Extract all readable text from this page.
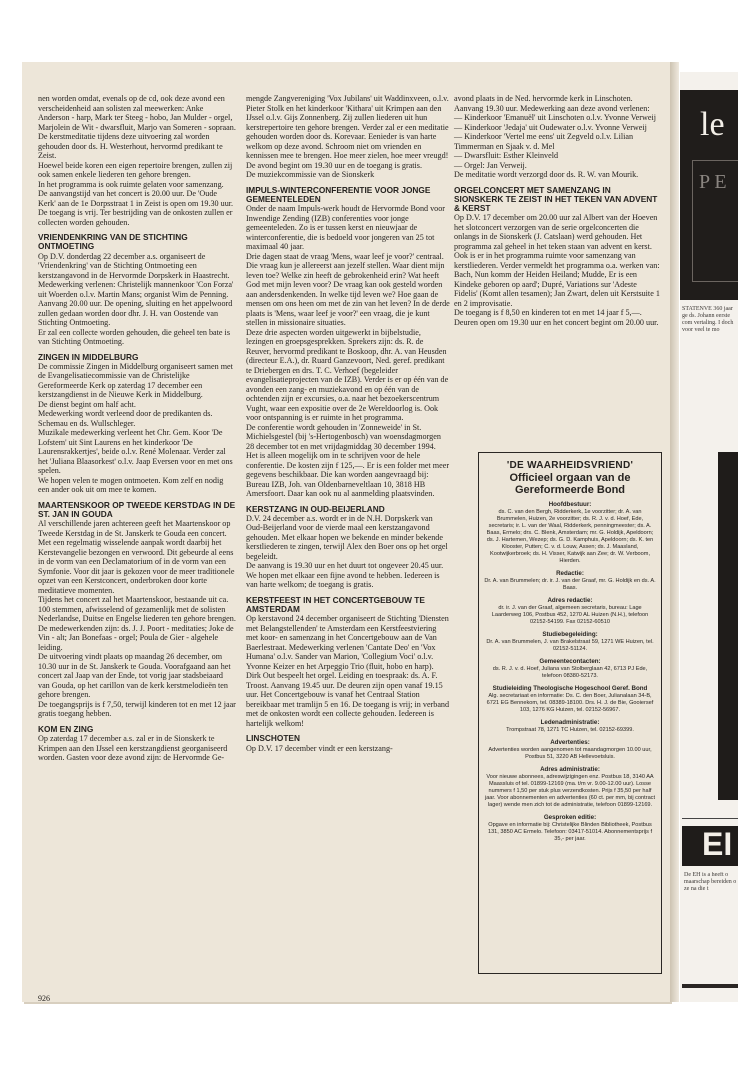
nen worden omdat, evenals op de cd, ook deze avond een verscheidenheid aan solisten zal meewerken: Anke Anderson - harp, Mark ter Steeg - hobo, Jan Mulder - orgel, Marjolein de Wit - dwarsfluit, Marjo van Someren - sopraan.

De kerstmeditatie tijdens deze uitvoering zal worden gehouden door ds. H. Westerhout, hervormd predikant te Zeist.

Hoewel beide koren een eigen repertoire brengen, zullen zij ook samen enkele liederen ten gehore brengen.

In het programma is ook ruimte gelaten voor samenzang.

De aanvangstijd van het concert is 20.00 uur. De 'Oude Kerk' aan de 1e Dorpsstraat 1 in Zeist is open om 19.30 uur. De toegang is vrij. Ter bestrijding van de onkosten zullen er collecten worden gehouden.

VRIENDENKRING VAN DE STICHTING ONTMOETING

Op D.V. donderdag 22 december a.s. organiseert de 'Vriendenkring' van de Stichting Ontmoeting een kerstzangavond in de Hervormde Dorpskerk in Haastrecht.

Medewerking verlenen: Christelijk mannenkoor 'Con Forza' uit Woerden o.l.v. Martin Mans; organist Wim de Penning.

Aanvang 20.00 uur. De opening, sluiting en het appelwoord zullen gedaan worden door dhr. J. H. van Oostende van Stichting Ontmoeting.

Er zal een collecte worden gehouden, die geheel ten bate is van Stichting Ontmoeting.

ZINGEN IN MIDDELBURG

De commissie Zingen in Middelburg organiseert samen met de Evangelisatiecommissie van de Christelijke Gereformeerde Kerk op zaterdag 17 december een kerstzangdienst in de Nieuwe Kerk in Middelburg.

De dienst begint om half acht.

Medewerking wordt verleend door de predikanten ds. Schemau en ds. Wullschleger.

Muzikale medewerking verleent het Chr. Gem. Koor 'De Lofstem' uit Sint Laurens en het kinderkoor 'De Laurensrakkertjes', beide o.l.v. René Molenaar. Verder zal het 'Juliana Blaasorkest' o.l.v. Jaap Eversen voor en met ons spelen.

We hopen velen te mogen ontmoeten. Kom zelf en nodig een ander ook uit om mee te komen.

MAARTENSKOOR OP TWEEDE KERSTDAG IN DE ST. JAN IN GOUDA

Al verschillende jaren achtereen geeft het Maartenskoor op Tweede Kerstdag in de St. Janskerk te Gouda een concert. Met een regelmatig wisselende aanpak wordt daarbij het Kerstevangelie bezongen en verwoord. Dit gebeurde al eens in de vorm van een Declamatorium of in de vorm van een Symfonie. Voor dit jaar is gekozen voor de meer traditionele opzet van een Kerstconcert, onderbroken door korte meditatieve momenten.

Tijdens het concert zal het Maartenskoor, bestaande uit ca. 100 stemmen, afwisselend of gezamenlijk met de solisten Nederlandse, Duitse en Engelse liederen ten gehore brengen.

De medewerkenden zijn: ds. J. J. Poort - meditaties; Joke de Vin - alt; Jan Bonefaas - orgel; Poula de Gier - algehele leiding.

De uitvoering vindt plaats op maandag 26 december, om 10.30 uur in de St. Janskerk te Gouda. Voorafgaand aan het concert zal Jaap van der Ende, tot vorig jaar stadsbeiaard van Gouda, op het carillon van de kerk kerstmelodieën ten gehore brengen.

De toegangsprijs is f 7,50, terwijl kinderen tot en met 12 jaar gratis toegang hebben.

KOM EN ZING

Op zaterdag 17 december a.s. zal er in de Sionskerk te Krimpen aan den IJssel een kerstzangdienst georganiseerd worden. Gasten voor deze avond zijn: de Hervormde Ge-

mengde Zangvereniging 'Vox Jubilans' uit Waddinxveen, o.l.v. Pieter Stolk en het kinderkoor 'Kithara' uit Krimpen aan den IJssel o.l.v. Gijs Zonnenberg. Zij zullen liederen uit hun kerstrepertoire ten gehore brengen. Verder zal er een meditatie gehouden worden door ds. Korevaar. Eenieder is van harte welkom op deze avond. Schroom niet om vrienden en kennissen mee te brengen. Hoe meer zielen, hoe meer vreugd!

De avond begint om 19.30 uur en de toegang is gratis.

De muziekcommissie van de Sionskerk

IMPULS-WINTERCONFERENTIE VOOR JONGE GEMEENTELEDEN

Onder de naam Impuls-werk houdt de Hervormde Bond voor Inwendige Zending (IZB) conferenties voor jonge gemeenteleden. Zo is er tussen kerst en nieuwjaar de winterconferentie, die is bedoeld voor jongeren van 25 tot maximaal 40 jaar.

Drie dagen staat de vraag 'Mens, waar leef je voor?' centraal. Die vraag kun je allereerst aan jezelf stellen. Waar dient mijn leven toe? Welke zin heeft de gebrokenheid erin? Wat heeft God met mijn leven voor? De vraag kan ook gesteld worden aan andersdenkenden. In welke tijd leven we? Hoe gaan de mensen om ons heen om met de zin van het leven? In de derde plaats is 'Mens, waar leef je voor?' een vraag, die je kunt stellen in missionaire situaties.

Deze drie aspecten worden uitgewerkt in bijbelstudie, lezingen en groepsgesprekken. Sprekers zijn: ds. R. de Reuver, hervormd predikant te Boskoop, dhr. A. van Heusden (directeur E.A.), dr. Ruard Ganzevoort, Ned. geref. predikant te Driebergen en drs. T. C. Verhoef (begeleider evangelisatieprojecten van de IZB). Verder is er op één van de avonden een zang- en muziekavond en op één van de ochtenden zijn er excursies, o.a. naar het bezoekerscentrum Vught, waar een expositie over de 2e Wereldoorlog is. Ook voor ontspanning is er ruimte in het programma.

De conferentie wordt gehouden in 'Zonneweide' in St. Michielsgestel (bij 's-Hertogenbosch) van woensdagmorgen 28 december tot en met vrijdagmiddag 30 december 1994.

Het is alleen mogelijk om in te schrijven voor de hele conferentie. De kosten zijn f 125,—. Er is een folder met meer gegevens beschikbaar. Die kan worden aangevraagd bij: Bureau IZB, Joh. van Oldenbarneveltlaan 10, 3818 HB Amersfoort. Daar kan ook nu al aanmelding plaatsvinden.

KERSTZANG IN OUD-BEIJERLAND

D.V. 24 december a.s. wordt er in de N.H. Dorpskerk van Oud-Beijerland voor de vierde maal een kerstzangavond gehouden. Met elkaar hopen we bekende en minder bekende kerstliederen te zingen, terwijl Alex den Boer ons op het orgel begeleidt.

De aanvang is 19.30 uur en het duurt tot ongeveer 20.45 uur. We hopen met elkaar een fijne avond te hebben. Iedereen is van harte welkom; de toegang is gratis.

KERSTFEEST IN HET CONCERTGEBOUW TE AMSTERDAM

Op kerstavond 24 december organiseert de Stichting 'Diensten met Belangstellenden' te Amsterdam een Kerstfeestviering met koor- en samenzang in het Concertgebouw aan de Van Baerlestraat. Medewerking verlenen 'Cantate Deo' en 'Vox Humana' o.l.v. Sander van Marion, 'Collegium Voci' o.l.v. Yvonne Keizer en het Arpeggio Trio (fluit, hobo en harp). Dirk Out bespeelt het orgel. Leiding en toespraak: ds. A. F. Troost. Aanvang 19.45 uur. De deuren zijn open vanaf 19.15 uur. Het Concertgebouw is vanaf het Centraal Station bereikbaar met tramlijn 5 en 16. De toegang is vrij; in verband met de onkosten wordt een collecte gehouden. Iedereen is hartelijk welkom!

LINSCHOTEN

Op D.V. 17 december vindt er een kerstzang-

avond plaats in de Ned. hervormde kerk in Linschoten. Aanvang 19.30 uur. Medewerking aan deze avond verlenen:

— Kinderkoor 'Emanuël' uit Linschoten o.l.v. Yvonne Verweij

— Kinderkoor 'Jedaja' uit Oudewater o.l.v. Yvonne Verweij

— Kinderkoor 'Vertel me eens' uit Zegveld o.l.v. Lilian Timmerman en Sjaak v. d. Mel

— Dwarsfluit: Esther Kleinveld

— Orgel: Jan Verweij.

De meditatie wordt verzorgd door ds. R. W. van Mourik.

ORGELCONCERT MET SAMENZANG IN SIONSKERK TE ZEIST IN HET TEKEN VAN ADVENT & KERST

Op D.V. 17 december om 20.00 uur zal Albert van der Hoeven het slotconcert verzorgen van de serie orgelconcerten die onlangs in de Sionskerk (J. Catslaan) werd gehouden. Het programma zal geheel in het teken staan van advent en kerst. Ook is er in het programma ruimte voor samenzang van kerstliederen. Verder vermeldt het programma o.a. werken van: Bach, Nun komm der Heiden Heiland; Mudde, Er is een Kindeke geboren op aard'; Dupré, Variations sur 'Adeste Fidelis' (Komt allen tesamen); Jan Zwart, delen uit Kerstsuite 1 en 2 improvisatie.

De toegang is f 8,50 en kinderen tot en met 14 jaar f 5,—. Deuren open om 19.30 uur en het concert begint om 20.00 uur.

'DE WAARHEIDSVRIEND'
Officieel orgaan van de Gereformeerde Bond
Hoofdbestuur:
ds. C. van den Bergh, Ridderkerk, 1e voorzitter; dr. A. van Brummelen, Huizen, 2e voorzitter; ds. R. J. v. d. Hoef, Ede, secretaris; ir. L. van der Waal, Ridderkerk, penningmeester; ds. A. Baas, Ermelo; drs. C. Blenk, Amsterdam; mr. G. Holdijk, Apeldoorn; ds. J. Hartemen, Wezep; ds. G. D. Kamphuis, Apeldoorn; ds. K. ten Klooster, Putten; C. v. d. Louw, Assen; ds. J. Maasland, Kootwijkerbroek; ds. H. Visser, Katwijk aan Zee; dr. W. Verboom, Hierden.
Redactie:
Dr. A. van Brummelen; dr. ir. J. van der Graaf, mr. G. Holdijk en ds. A. Baas.
Adres redactie:
dr. ir. J. van der Graaf, algemeen secretaris, bureau: Lage Laarderweg 106, Postbus 452, 1270 AL Huizen (N.H.), telefoon 02152-54199. Fax 02152-60510
Studiebegeleiding:
Dr. A. van Brummelen, J. van Brakelstraat 59, 1271 WE Huizen, tel. 02152-51124.
Gemeentecontacten:
ds. R. J. v. d. Hoef, Juliana van Stolberglaan 42, 6713 PJ Ede, telefoon 08380-52173.
Studieleiding Theologische Hogeschool Geref. Bond
Alg. secretariaat en informatie: Ds. C. den Boer, Julianalaan 34-B, 6721 EG Bennekom, tel. 08389-18100. Drs. H. J. de Bie, Gooiersef 103, 1276 KG Huizen, tel. 02152-56967.
Ledenadministratie:
Trompstraat 78, 1271 TC Huizen, tel. 02152-69399.
Advertenties:
Advertenties worden aangenomen tot maandagmorgen 10.00 uur, Postbus 51, 3220 AB Hellevoetsluis.
Adres administratie:
Voor nieuwe abonnees, adreswijzigingen enz. Postbus 18, 3140 AA Maassluis of tel. 01899-12169 (ma. t/m vr. 9.00-12.00 uur). Losse nummers f 1,50 per stuk plus verzendkosten. Prijs f 35,50 per half jaar. Voor abonnementen en advertenties (60 ct. per mm, bij contract lager) wende men zich tot de administratie, telefoon 01899-12169.
Gesproken editie:
Opgave en informatie bij: Christelijke Blinden Bibliotheek, Postbus 131, 3850 AC Ermelo. Telefoon: 03417-51014. Abonnementsprijs f 35,- per jaar.
926
le
P E
STATENVE 360 jaar ge ds. Johann eerste com vertaling. I doch voor veel te mo
EI
De EH is a heeft o maarschap bereiden o ze na die t
